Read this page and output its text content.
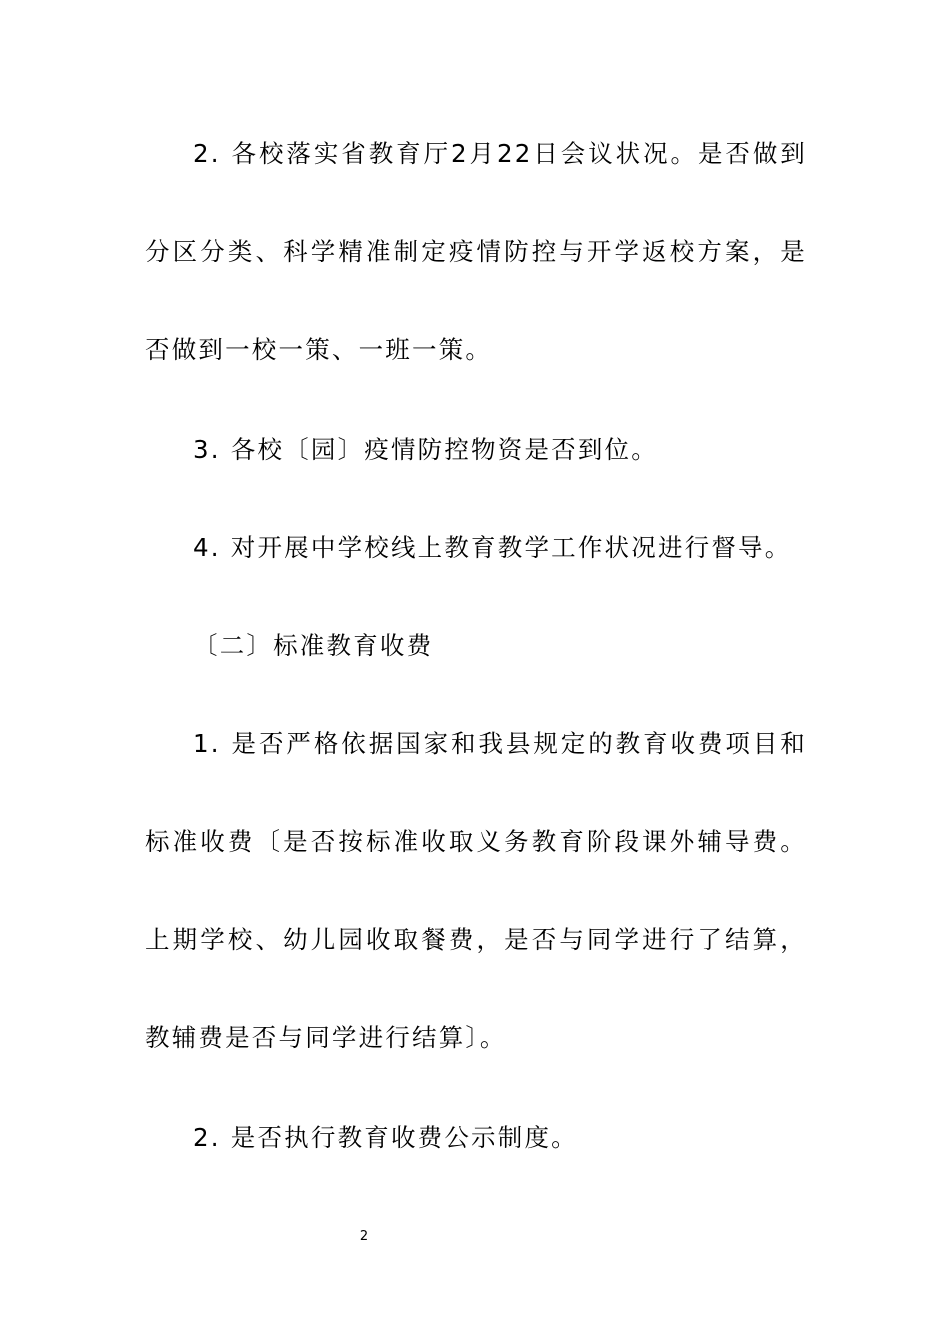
2. 各校落实省教育厅2月22日会议状况。是否做到分区分类、科学精准制定疫情防控与开学返校方案，是否做到一校一策、一班一策。

3. 各校〔园〕疫情防控物资是否到位。

4. 对开展中学校线上教育教学工作状况进行督导。

〔二〕标准教育收费

1. 是否严格依据国家和我县规定的教育收费项目和标准收费〔是否按标准收取义务教育阶段课外辅导费。上期学校、幼儿园收取餐费，是否与同学进行了结算，教辅费是否与同学进行结算〕。

2. 是否执行教育收费公示制度。

2
